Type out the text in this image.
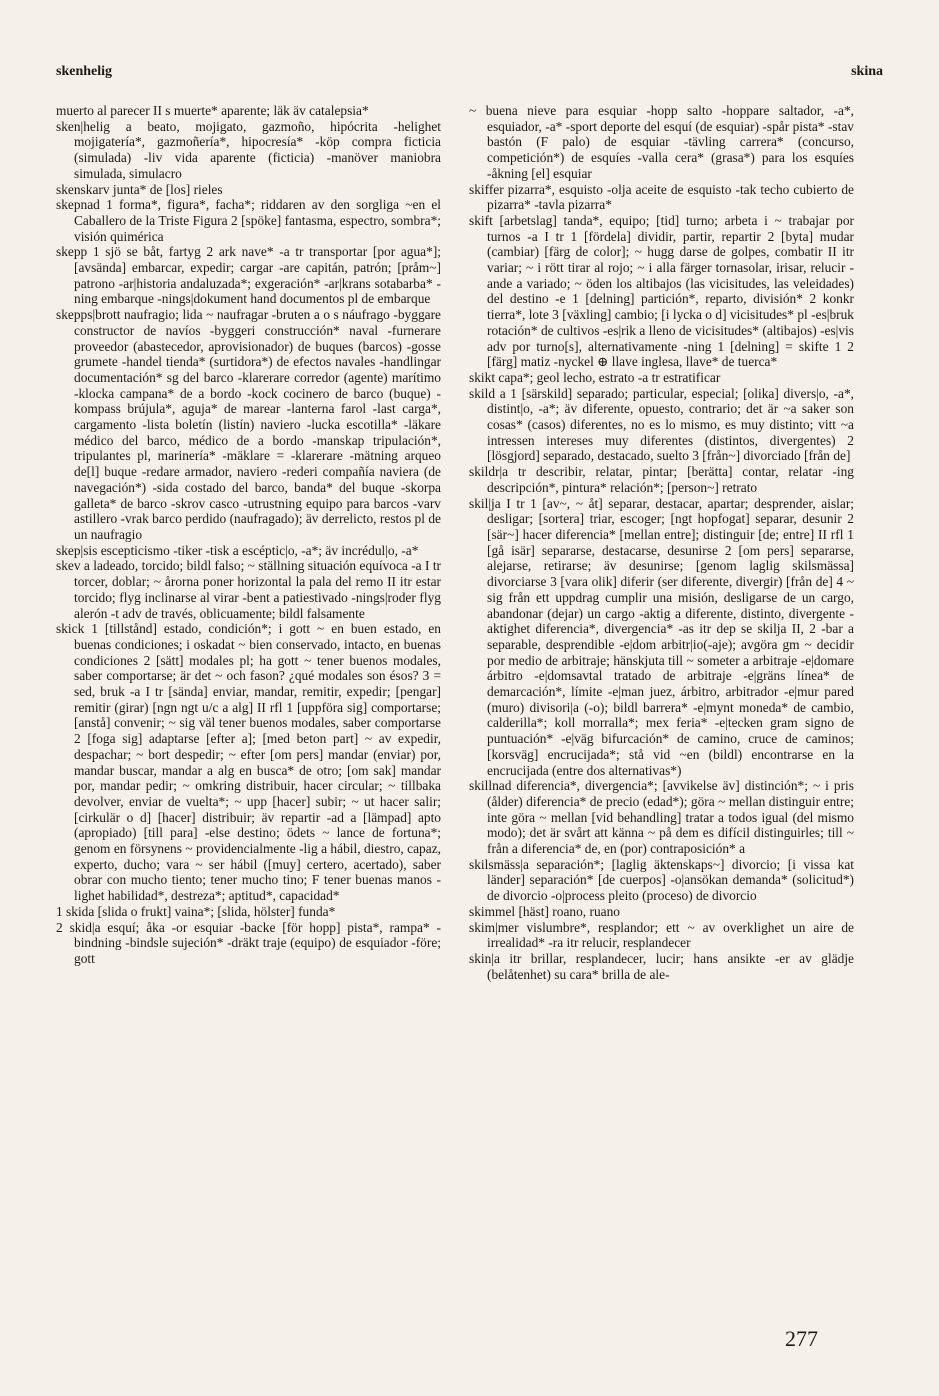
skenhelig	skina

muerto al parecer II s muerte* aparente; läk äv catalepsia*

sken|helig a beato, mojigato, gazmoño, hipócrita -helighet mojigatería*, gazmoñería*, hipocresía* -köp compra ficticia (simulada) -liv vida aparente (ficticia) -manöver maniobra simulada, simulacro

skenskarv junta* de [los] rieles

skepnad 1 forma*, figura*, facha*; riddaren av den sorgliga ~en el Caballero de la Triste Figura 2 [spöke] fantasma, espectro, sombra*; visión quimérica

skepp 1 sjö se båt, fartyg 2 ark nave* -a tr transportar [por agua*]; [avsända] embarcar, expedir; cargar -are capitán, patrón; [pråm~] patrono -ar|historia andaluzada*; exgeración* -ar|krans sotabarba* -ning embarque -nings|dokument hand documentos pl de embarque

skepps|brott naufragio; lida ~ naufragar -bruten a o s náufrago -byggare constructor de navíos -byggeri construcción* naval -furnerare proveedor (abastecedor, aprovisionador) de buques (barcos) -gosse grumete -handel tienda* (surtidora*) de efectos navales -handlingar documentación* sg del barco -klarerare corredor (agente) marítimo -klocka campana* de a bordo -kock cocinero de barco (buque) -kompass brújula*, aguja* de marear -lanterna farol -last carga*, cargamento -lista boletín (listín) naviero -lucka escotilla* -läkare médico del barco, médico de a bordo -manskap tripulación*, tripulantes pl, marinería* -mäklare = -klarerare -mätning arqueo de[l] buque -redare armador, naviero -rederi compañía naviera (de navegación*) -sida costado del barco, banda* del buque -skorpa galleta* de barco -skrov casco -utrustning equipo para barcos -varv astillero -vrak barco perdido (naufragado); äv derrelicto, restos pl de un naufragio

skep|sis escepticismo -tiker -tisk a escéptic|o, -a*; äv incrédul|o, -a*

skev a ladeado, torcido; bildl falso; ~ ställning situación equívoca -a I tr torcer, doblar; ~ årorna poner horizontal la pala del remo II itr estar torcido; flyg inclinarse al virar -bent a patiestivado -nings|roder flyg alerón -t adv de través, oblicuamente; bildl falsamente

skick 1 [tillstånd] estado, condición*; i gott ~ en buen estado, en buenas condiciones; i oskadat ~ bien conservado, intacto, en buenas condiciones 2 [sätt] modales pl; ha gott ~ tener buenos modales, saber comportarse; är det ~ och fason? ¿qué modales son ésos? 3 = sed, bruk -a I tr [sända] enviar, mandar, remitir, expedir; [pengar] remitir (girar) [ngn ngt u/c a alg] II rfl 1 [uppföra sig] comportarse; [anstå] convenir; ~ sig väl tener buenos modales, saber comportarse 2 [foga sig] adaptarse [efter a]; [med beton part] ~ av expedir, despachar; ~ bort despedir; ~ efter [om pers] mandar (enviar) por, mandar buscar, mandar a alg en busca* de otro; [om sak] mandar por, mandar pedir; ~ omkring distribuir, hacer circular; ~ tillbaka devolver, enviar de vuelta*; ~ upp [hacer] subir; ~ ut hacer salir; [cirkulär o d] [hacer] distribuir; äv repartir -ad a [lämpad] apto (apropiado) [till para] -else destino; ödets ~ lance de fortuna*; genom en försynens ~ providencialmente -lig a hábil, diestro, capaz, experto, ducho; vara ~ ser hábil ([muy] certero, acertado), saber obrar con mucho tiento; tener mucho tino; F tener buenas manos -lighet habilidad*, destreza*; aptitud*, capacidad*

1 skida [slida o frukt] vaina*; [slida, hölster] funda*

2 skid|a esquí; åka -or esquiar -backe [för hopp] pista*, rampa* -bindning -bindsle sujeción* -dräkt traje (equipo) de esquiador -före; gott

~ buena nieve para esquiar -hopp salto -hoppare saltador, -a*, esquiador, -a* -sport deporte del esquí (de esquiar) -spår pista* -stav bastón (F palo) de esquiar -tävling carrera* (concurso, competición*) de esquíes -valla cera* (grasa*) para los esquíes -åkning [el] esquiar

skiffer pizarra*, esquisto -olja aceite de esquisto -tak techo cubierto de pizarra* -tavla pizarra*

skift [arbetslag] tanda*, equipo; [tid] turno; arbeta i ~ trabajar por turnos -a I tr 1 [fördela] dividir, partir, repartir 2 [byta] mudar (cambiar) [färg de color]; ~ hugg darse de golpes, combatir II itr variar; ~ i rött tirar al rojo; ~ i alla färger tornasolar, irisar, relucir -ande a variado; ~ öden los altibajos (las vicisitudes, las veleidades) del destino -e 1 [delning] partición*, reparto, división* 2 konkr tierra*, lote 3 [växling] cambio; [i lycka o d] vicisitudes* pl -es|bruk rotación* de cultivos -es|rik a lleno de vicisitudes* (altibajos) -es|vis adv por turno[s], alternativamente -ning 1 [delning] = skifte 1 2 [färg] matiz -nyckel ⊕ llave inglesa, llave* de tuerca*

skikt capa*; geol lecho, estrato -a tr estratificar

skild a 1 [särskild] separado; particular, especial; [olika] divers|o, -a*, distint|o, -a*; äv diferente, opuesto, contrario; det är ~a saker son cosas* (casos) diferentes, no es lo mismo, es muy distinto; vitt ~a intressen intereses muy diferentes (distintos, divergentes) 2 [lösgjord] separado, destacado, suelto 3 [från~] divorciado [från de]

skildr|a tr describir, relatar, pintar; [berätta] contar, relatar -ing descripción*, pintura* relación*; [person~] retrato

skil|ja I tr 1 [av~, ~ åt] separar, destacar, apartar; desprender, aislar; desligar; [sortera] triar, escoger; [ngt hopfogat] separar, desunir 2 [sär~] hacer diferencia* [mellan entre]; distinguir [de; entre] II rfl 1 [gå isär] separarse, destacarse, desunirse 2 [om pers] separarse, alejarse, retirarse; äv desunirse; [genom laglig skilsmässa] divorciarse 3 [vara olik] diferir (ser diferente, divergir) [från de] 4 ~ sig från ett uppdrag cumplir una misión, desligarse de un cargo, abandonar (dejar) un cargo -aktig a diferente, distinto, divergente -aktighet diferencia*, divergencia* -as itr dep se skilja II, 2 -bar a separable, desprendible -e|dom arbitr|io(-aje); avgöra gm ~ decidir por medio de arbitraje; hänskjuta till ~ someter a arbitraje -e|domare árbitro -e|domsavtal tratado de arbitraje -e|gräns línea* de demarcación*, límite -e|man juez, árbitro, arbitrador -e|mur pared (muro) divisori|a (-o); bildl barrera* -e|mynt moneda* de cambio, calderilla*; koll morralla*; mex feria* -e|tecken gram signo de puntuación* -e|väg bifurcación* de camino, cruce de caminos; [korsväg] encrucijada*; stå vid ~en (bildl) encontrarse en la encrucijada (entre dos alternativas*)

skillnad diferencia*, divergencia*; [avvikelse äv] distinción*; ~ i pris (ålder) diferencia* de precio (edad*); göra ~ mellan distinguir entre; inte göra ~ mellan [vid behandling] tratar a todos igual (del mismo modo); det är svårt att känna ~ på dem es difícil distinguirles; till ~ från a diferencia* de, en (por) contraposición* a

skilsmäss|a separación*; [laglig äktenskaps~] divorcio; [i vissa kat länder] separación* [de cuerpos] -o|ansökan demanda* (solicitud*) de divorcio -o|process pleito (proceso) de divorcio

skimmel [häst] roano, ruano

skim|mer vislumbre*, resplandor; ett ~ av overklighet un aire de irrealidad* -ra itr relucir, resplandecer

skin|a itr brillar, resplandecer, lucir; hans ansikte -er av glädje (belåtenhet) su cara* brilla de ale-

277
